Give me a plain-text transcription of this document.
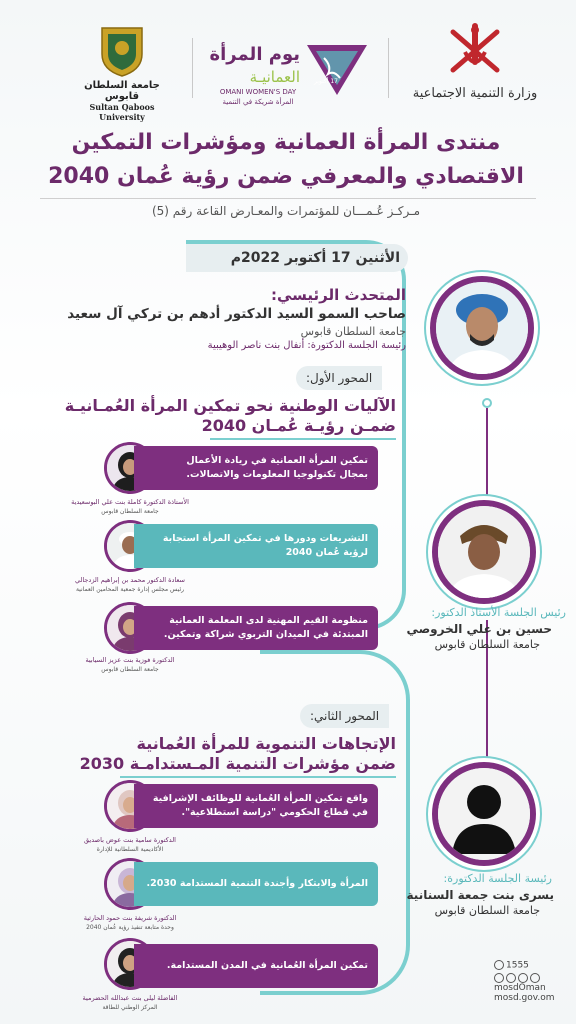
وزارة التنمية الاجتماعية
17 أكتوبر
يوم المرأة
العمانيـة
OMANI WOMEN'S DAY
المرأة شريكة في التنمية
جامعة السلطان قابوس
Sultan Qaboos University
منتدى المرأة العمانية ومؤشرات التمكين
الاقتصادي والمعرفي ضمن رؤية عُمان 2040
مـركـز عُـمـــان للمؤتمرات والمعـارض القاعة رقم (5)
الأثنين 17 أكتوبر 2022م
المتحدث الرئيسي:
صاحب السمو السيد الدكتور أدهم بن تركي آل سعيد
جامعة السلطان قابوس
رئيسة الجلسة الدكتورة: أنفال بنت ناصر الوهيبية
المحور الأول:
الآليات الوطنية نحو تمكين المرأة العُمـانيـة
ضمـن رؤيـة عُمـان 2040
تمكين المرأة العمانية في ريادة الأعمال
بمجال تكنولوجيا المعلومات والاتصالات.
الأستاذة الدكتورة كاملة بنت علي البوسعيدية
جامعة السلطان قابوس
التشريعات ودورها في تمكين المرأة استجابة
لرؤية عُمان 2040
سعادة الدكتور محمد بن إبراهيم الزدجالي
رئيس مجلس إدارة جمعية المحامين العمانية
منظومة القيم المهنية لدى المعلمة العمانية
المبتدئة في الميدان التربوي شراكة وتمكين.
الدكتورة فوزية بنت عزيز السيابية
جامعة السلطان قابوس
رئيس الجلسة الأستاذ الدكتور:
حسين بن علي الخروصي
جامعة السلطان قابوس
المحور الثاني:
الإتجاهات التنموية للمرأة العُمانية
ضمن مؤشرات التنمية المـستدامـة 2030
واقع تمكين المرأة العُمانية للوظائف الإشرافية
في قطاع الحكومي "دراسة استطلاعية".
الدكتورة سامية بنت عوض باصديق
الأكاديمية السلطانية للإدارة
المرأة والابتكار وأجندة التنمية المستدامة 2030.
الدكتورة شريفة بنت حمود الحارثية
وحدة متابعة تنفيذ رؤية عُمان 2040
تمكين المرأة العُمانية في المدن المستدامة.
الفاضلة ليلى بنت عبدالله الحضرمية
المركز الوطني للطاقة
رئيسة الجلسة الدكتورة:
يسرى بنت جمعة السنانية
جامعة السلطان قابوس
1555
mosdOman
mosd.gov.om
